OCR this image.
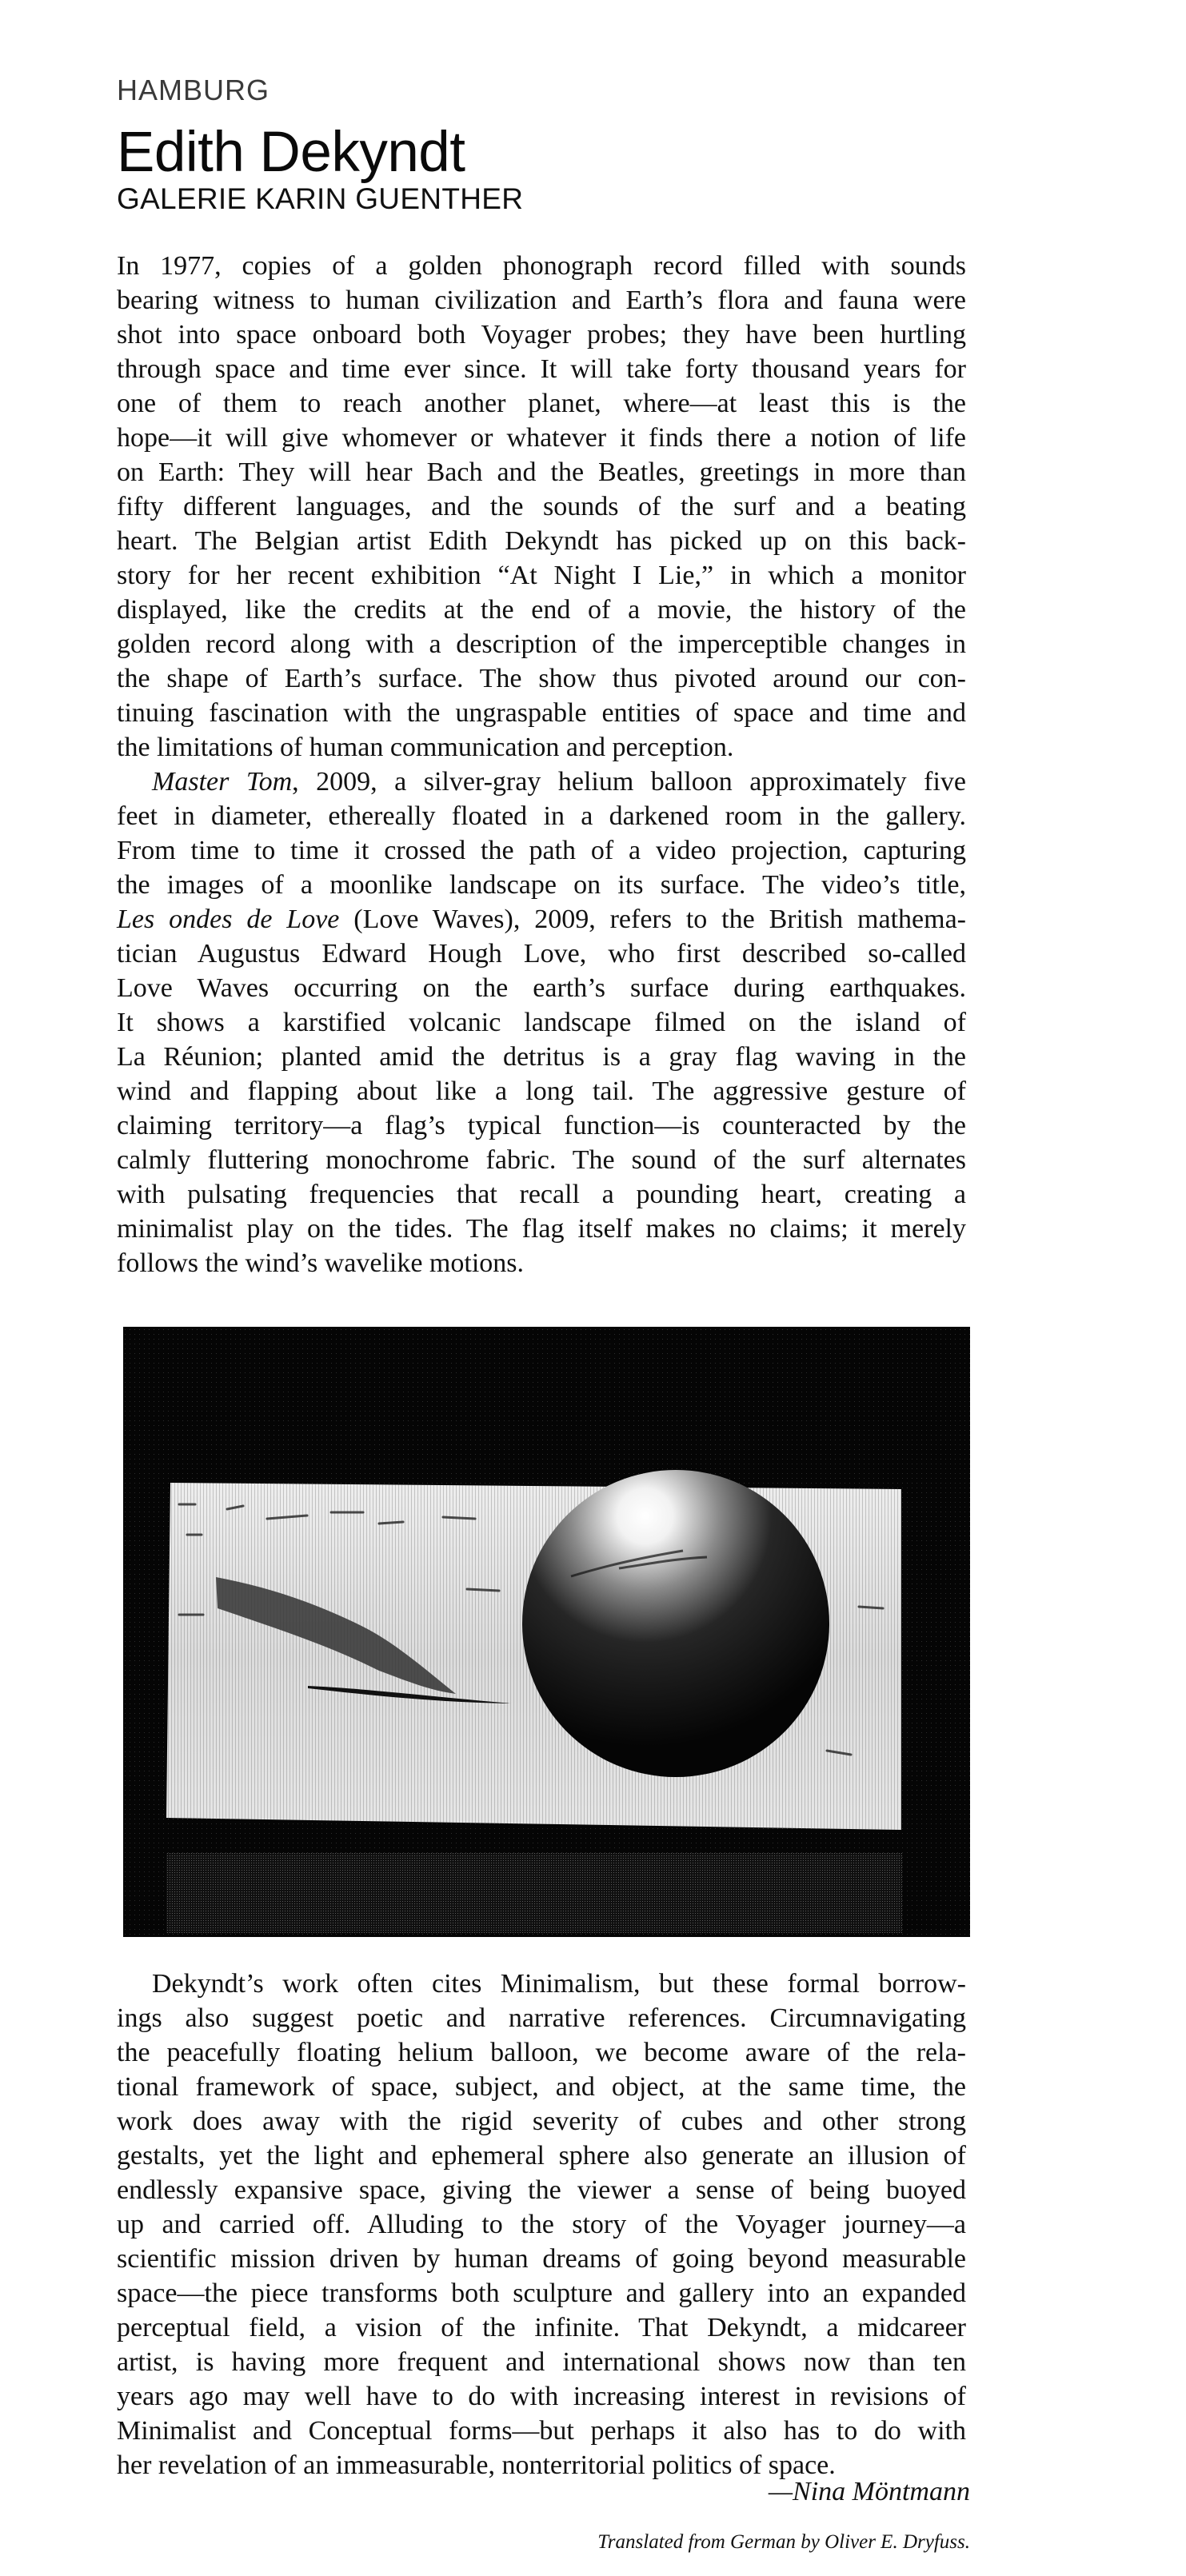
HAMBURG
Edith Dekyndt
GALERIE KARIN GUENTHER
In 1977, copies of a golden phonograph record filled with sounds
bearing witness to human civilization and Earth’s flora and fauna were
shot into space onboard both Voyager probes; they have been hurtling
through space and time ever since. It will take forty thousand years for
one of them to reach another planet, where—at least this is the
hope—it will give whomever or whatever it finds there a notion of life
on Earth: They will hear Bach and the Beatles, greetings in more than
fifty different languages, and the sounds of the surf and a beating
heart. The Belgian artist Edith Dekyndt has picked up on this back-
story for her recent exhibition “At Night I Lie,” in which a monitor
displayed, like the credits at the end of a movie, the history of the
golden record along with a description of the imperceptible changes in
the shape of Earth’s surface. The show thus pivoted around our con-
tinuing fascination with the ungraspable entities of space and time and
the limitations of human communication and perception.
Master Tom, 2009, a silver-gray helium balloon approximately five
feet in diameter, ethereally floated in a darkened room in the gallery.
From time to time it crossed the path of a video projection, capturing
the images of a moonlike landscape on its surface. The video’s title,
Les ondes de Love (Love Waves), 2009, refers to the British mathema-
tician Augustus Edward Hough Love, who first described so-called
Love Waves occurring on the earth’s surface during earthquakes.
It shows a karstified volcanic landscape filmed on the island of
La Réunion; planted amid the detritus is a gray flag waving in the
wind and flapping about like a long tail. The aggressive gesture of
claiming territory—a flag’s typical function—is counteracted by the
calmly fluttering monochrome fabric. The sound of the surf alternates
with pulsating frequencies that recall a pounding heart, creating a
minimalist play on the tides. The flag itself makes no claims; it merely
follows the wind’s wavelike motions.
Dekyndt’s work often cites Minimalism, but these formal borrow-
ings also suggest poetic and narrative references. Circumnavigating
the peacefully floating helium balloon, we become aware of the rela-
tional framework of space, subject, and object, at the same time, the
work does away with the rigid severity of cubes and other strong
gestalts, yet the light and ephemeral sphere also generate an illusion of
endlessly expansive space, giving the viewer a sense of being buoyed
up and carried off. Alluding to the story of the Voyager journey—a
scientific mission driven by human dreams of going beyond measurable
space—the piece transforms both sculpture and gallery into an expanded
perceptual field, a vision of the infinite. That Dekyndt, a midcareer
artist, is having more frequent and international shows now than ten
years ago may well have to do with increasing interest in revisions of
Minimalist and Conceptual forms—but perhaps it also has to do with
her revelation of an immeasurable, nonterritorial politics of space.
—Nina Möntmann
Translated from German by Oliver E. Dryfuss.
